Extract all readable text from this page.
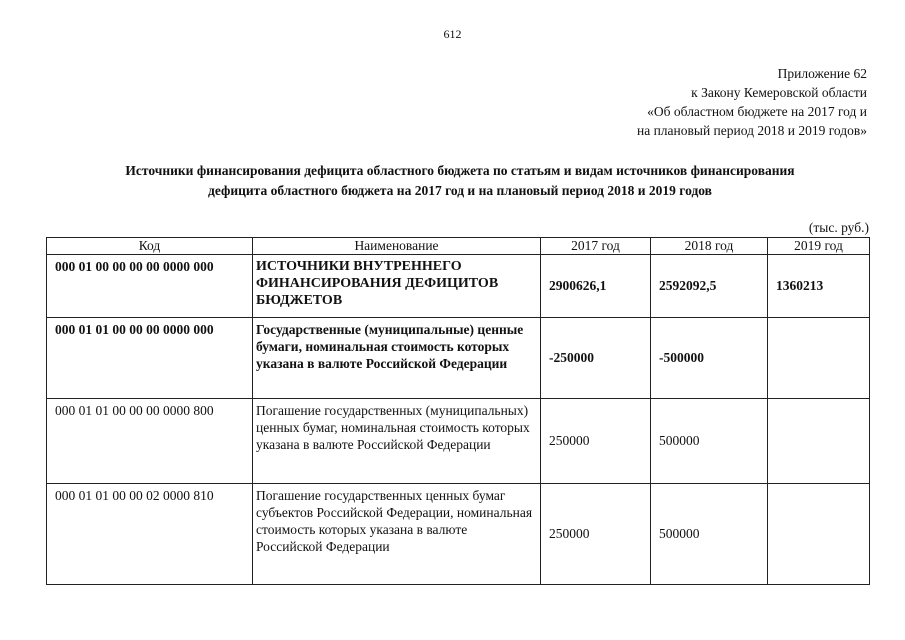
612
Приложение 62
к Закону Кемеровской области
«Об областном бюджете на 2017 год и
на плановый период 2018 и 2019 годов»
Источники финансирования дефицита областного бюджета по статьям и видам источников финансирования
дефицита областного бюджета на 2017 год и на плановый период 2018 и 2019 годов
(тыс. руб.)
Код	Наименование	2017 год	2018 год	2019 год
000 01 00 00 00 00 0000 000	ИСТОЧНИКИ ВНУТРЕННЕГО ФИНАНСИРОВАНИЯ ДЕФИЦИТОВ БЮДЖЕТОВ	2900626,1	2592092,5	1360213
000 01 01 00 00 00 0000 000	Государственные (муниципальные) ценные бумаги, номинальная стоимость которых указана в валюте Российской Федерации	-250000	-500000	
000 01 01 00 00 00 0000 800	Погашение государственных (муниципальных) ценных бумаг, номинальная стоимость которых указана в валюте Российской Федерации	250000	500000	
000 01 01 00 00 02 0000 810	Погашение государственных ценных бумаг субъектов Российской Федерации, номинальная стоимость которых указана в валюте Российской Федерации	250000	500000	
